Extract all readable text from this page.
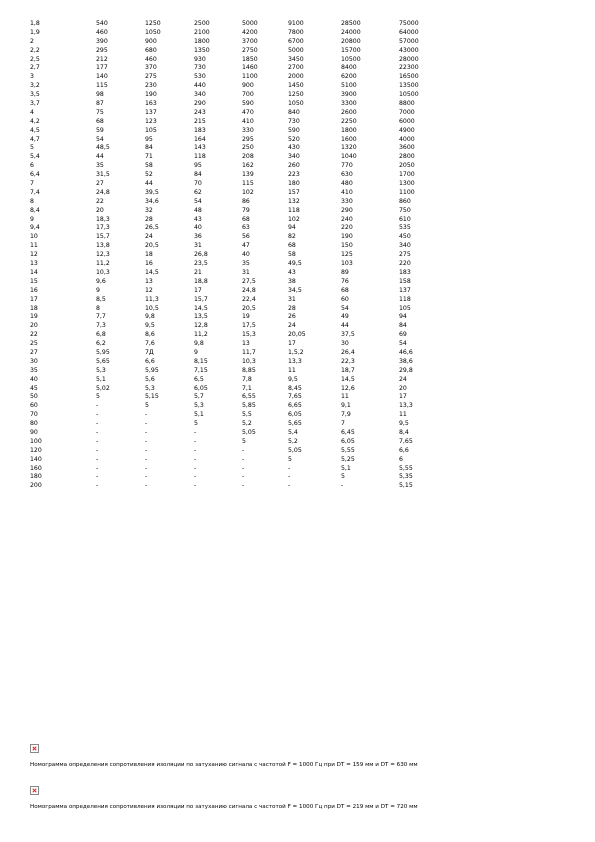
1,8	540	1250	2500	5000	9100	28500	75000
1,9	460	1050	2100	4200	7800	24000	64000
2	390	900	1800	3700	6700	20800	57000
2,2	295	680	1350	2750	5000	15700	43000
2,5	212	460	930	1850	3450	10500	28000
2,7	177	370	730	1460	2700	8400	22300
3	140	275	530	1100	2000	6200	16500
3,2	115	230	440	900	1450	5100	13500
3,5	98	190	340	700	1250	3900	10500
3,7	87	163	290	590	1050	3300	8800
4	75	137	243	470	840	2600	7000
4,2	68	123	215	410	730	2250	6000
4,5	59	105	183	330	590	1800	4900
4,7	54	95	164	295	520	1600	4000
5	48,5	84	143	250	430	1320	3600
5,4	44	71	118	208	340	1040	2800
6	35	58	95	162	260	770	2050
6,4	31,5	52	84	139	223	630	1700
7	27	44	70	115	180	480	1300
7,4	24,8	39,5	62	102	157	410	1100
8	22	34,6	54	86	132	330	860
8,4	20	32	48	79	118	290	750
9	18,3	28	43	68	102	240	610
9,4	17,3	26,5	40	63	94	220	535
10	15,7	24	36	56	82	190	450
11	13,8	20,5	31	47	68	150	340
12	12,3	18	26,8	40	58	125	275
13	11,2	16	23,5	35	49,5	103	220
14	10,3	14,5	21	31	43	89	183
15	9,6	13	18,8	27,5	38	76	158
16	9	12	17	24,8	34,5	68	137
17	8,5	11,3	15,7	22,4	31	60	118
18	8	10,5	14,5	20,5	28	54	105
19	7,7	9,8	13,5	19	26	49	94
20	7,3	9,5	12,8	17,5	24	44	84
22	6,8	8,6	11,2	15,3	20,05	37,5	69
25	6,2	7,6	9,8	13	17	30	54
27	5,95	7Д	9	11,7	1,5,2	26,4	46,6
30	5,65	6,6	8,15	10,3	13,3	22,3	38,6
35	5,3	5,95	7,15	8,85	11	18,7	29,8
40	5,1	5,6	6,5	7,8	9,5	14,5	24
45	5,02	5,3	6,05	7,1	8,45	12,6	20
50	5	5,15	5,7	6,55	7,65	11	17
60	-	5	5,3	5,85	6,65	9,1	13,3
70	-	-	5,1	5,5	6,05	7,9	11
80	-	-	5	5,2	5,65	7	9,5
90	-	-	-	5,05	5,4	6,45	8,4
100	-	-	-	5	5,2	6,05	7,65
120	-	-	-	-	5,05	5,55	6,6
140	-	-	-	-	5	5,25	6
160	-	-	-	-	-	5,1	5,55
180	-	-	-	-	-	5	5,35
200	-	-	-	-	-	-	5,15
Номограмма определения сопротивления изоляции по затуханию сигнала с частотой F = 1000 Гц при DT = 159 мм и DТ = 630 мм
Номограмма определения сопротивления изоляции по затуханию сигнала с частотой F = 1000 Гц при DT = 219 мм и DТ = 720 мм
